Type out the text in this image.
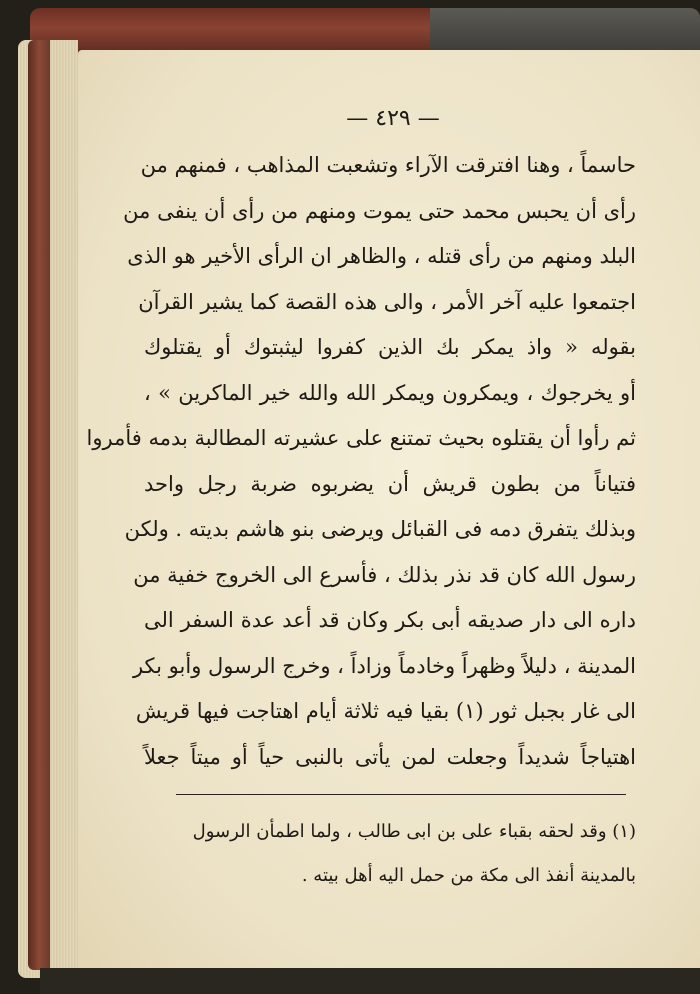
— ٤٢٩ —
حاسماً ، وهنا افترقت الآراء وتشعبت المذاهب ، فمنهم من
رأى أن يحبس محمد حتى يموت ومنهم من رأى أن ينفى من
البلد ومنهم من رأى قتله ، والظاهر ان الرأى الأخير هو الذى
اجتمعوا عليه آخر الأمر ، والى هذه القصة كما يشير القرآن
بقوله « واذ يمكر بك الذين كفروا ليثبتوك أو يقتلوك
أو يخرجوك ، ويمكرون ويمكر الله والله خير الماكرين » ،
ثم رأوا أن يقتلوه بحيث تمتنع على عشيرته المطالبة بدمه فأمروا
فتياناً من بطون قريش أن يضربوه ضربة رجل واحد
وبذلك يتفرق دمه فى القبائل ويرضى بنو هاشم بديته . ولكن
رسول الله كان قد نذر بذلك ، فأسرع الى الخروج خفية من
داره الى دار صديقه أبى بكر وكان قد أعد عدة السفر الى
المدينة ، دليلاً وظهراً وخادماً وزاداً ، وخرج الرسول وأبو بكر
الى غار بجبل ثور (١) بقيا فيه ثلاثة أيام اهتاجت فيها قريش
اهتياجاً شديداً وجعلت لمن يأتى بالنبى حياً أو ميتاً جعلاً
(١) وقد لحقه بقباء على بن ابى طالب ، ولما اطمأن الرسول
بالمدينة أنفذ الى مكة من حمل اليه أهل بيته .
